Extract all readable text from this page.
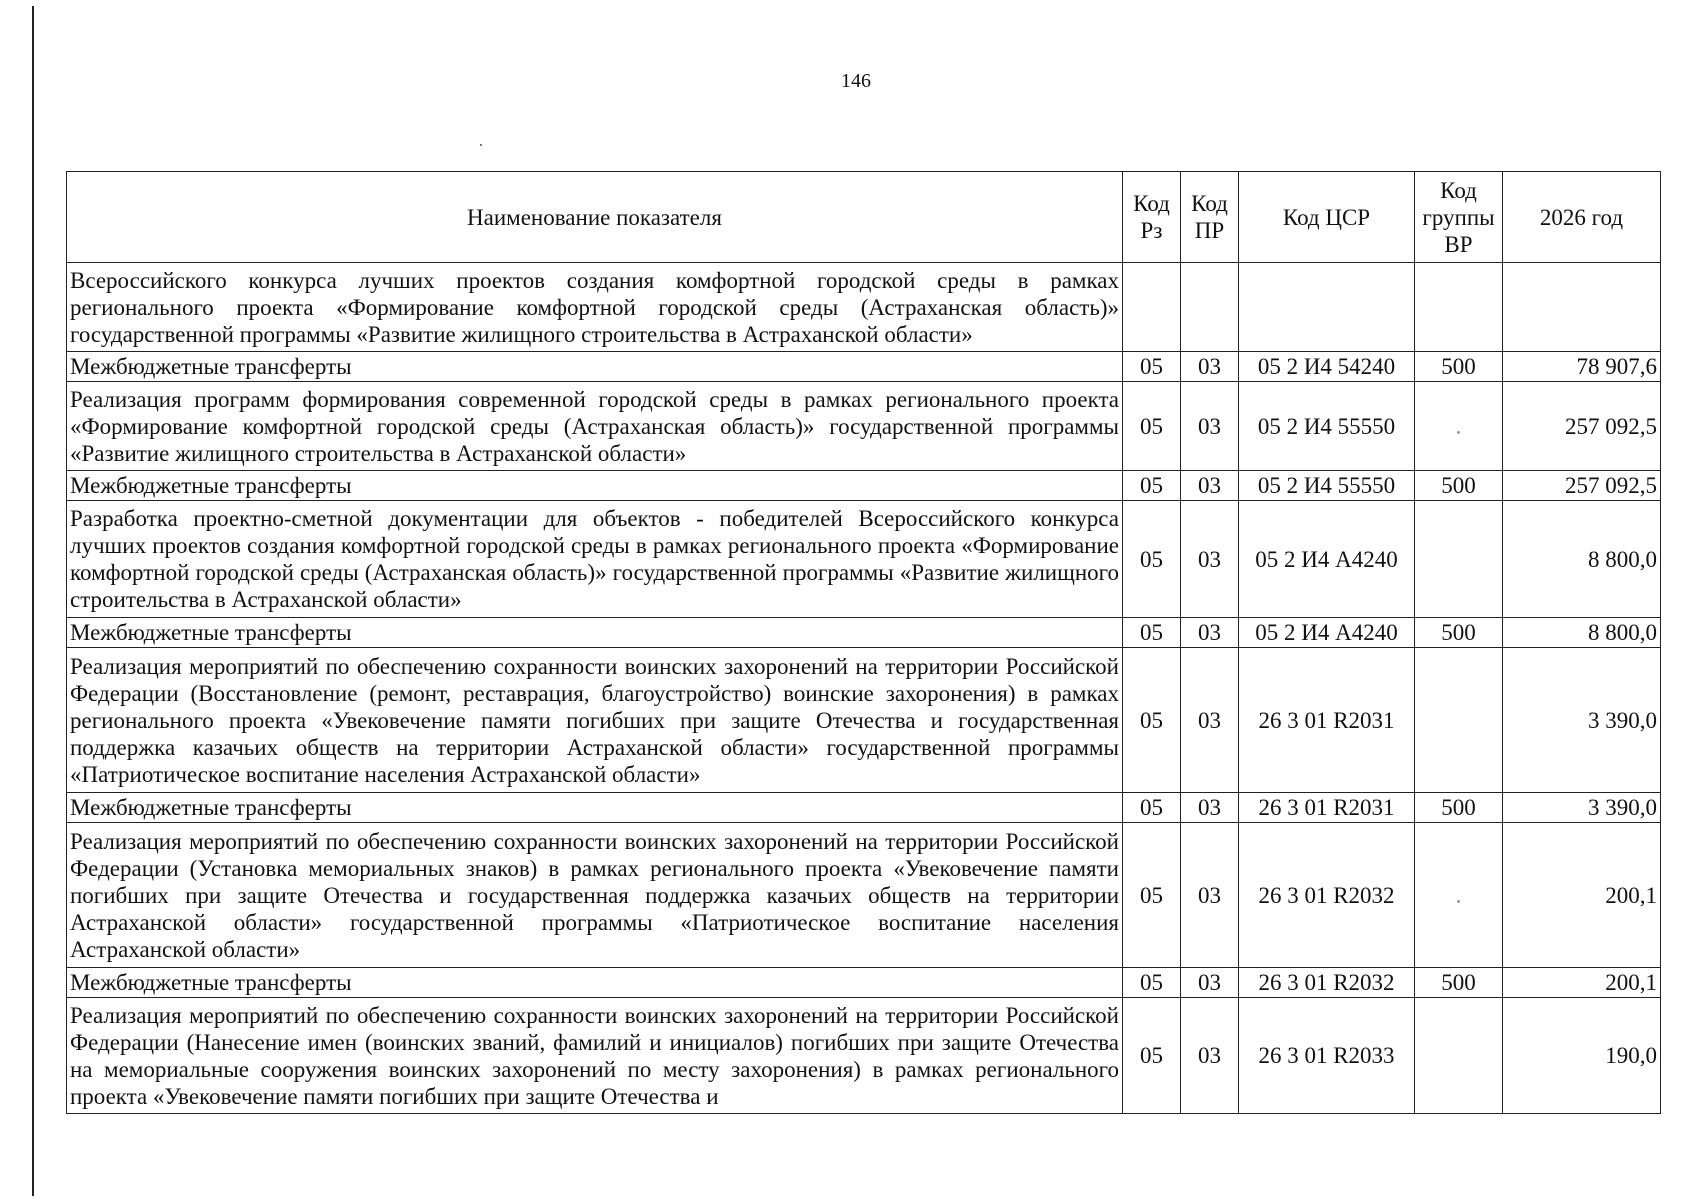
146
Наименование показателя	Код Рз	Код ПР	Код ЦСР	Код группы ВР	2026 год
Всероссийского конкурса лучших проектов создания комфортной городской среды в рамках регионального проекта «Формирование комфортной городской среды (Астраханская область)» государственной программы «Развитие жилищного строительства в Астраханской области»					
Межбюджетные трансферты	05	03	05 2 И4 54240	500	78 907,6
Реализация программ формирования современной городской среды в рамках регионального проекта «Формирование комфортной городской среды (Астраханская область)» государственной программы «Развитие жилищного строительства в Астраханской области»	05	03	05 2 И4 55550		257 092,5
Межбюджетные трансферты	05	03	05 2 И4 55550	500	257 092,5
Разработка проектно-сметной документации для объектов - победителей Всероссийского конкурса лучших проектов создания комфортной городской среды в рамках регионального проекта «Формирование комфортной городской среды (Астраханская область)» государственной программы «Развитие жилищного строительства в Астраханской области»	05	03	05 2 И4 А4240		8 800,0
Межбюджетные трансферты	05	03	05 2 И4 А4240	500	8 800,0
Реализация мероприятий по обеспечению сохранности воинских захоронений на территории Российской Федерации (Восстановление (ремонт, реставрация, благоустройство) воинские захоронения) в рамках регионального проекта «Увековечение памяти погибших при защите Отечества и государственная поддержка казачьих обществ на территории Астраханской области» государственной программы «Патриотическое воспитание населения Астраханской области»	05	03	26 3 01 R2031		3 390,0
Межбюджетные трансферты	05	03	26 3 01 R2031	500	3 390,0
Реализация мероприятий по обеспечению сохранности воинских захоронений на территории Российской Федерации (Установка мемориальных знаков) в рамках регионального проекта «Увековечение памяти погибших при защите Отечества и государственная поддержка казачьих обществ на территории Астраханской области» государственной программы «Патриотическое воспитание населения Астраханской области»	05	03	26 3 01 R2032		200,1
Межбюджетные трансферты	05	03	26 3 01 R2032	500	200,1
Реализация мероприятий по обеспечению сохранности воинских захоронений на территории Российской Федерации (Нанесение имен (воинских званий, фамилий и инициалов) погибших при защите Отечества на мемориальные сооружения воинских захоронений по месту захоронения) в рамках регионального проекта «Увековечение памяти погибших при защите Отечества и	05	03	26 3 01 R2033		190,0
